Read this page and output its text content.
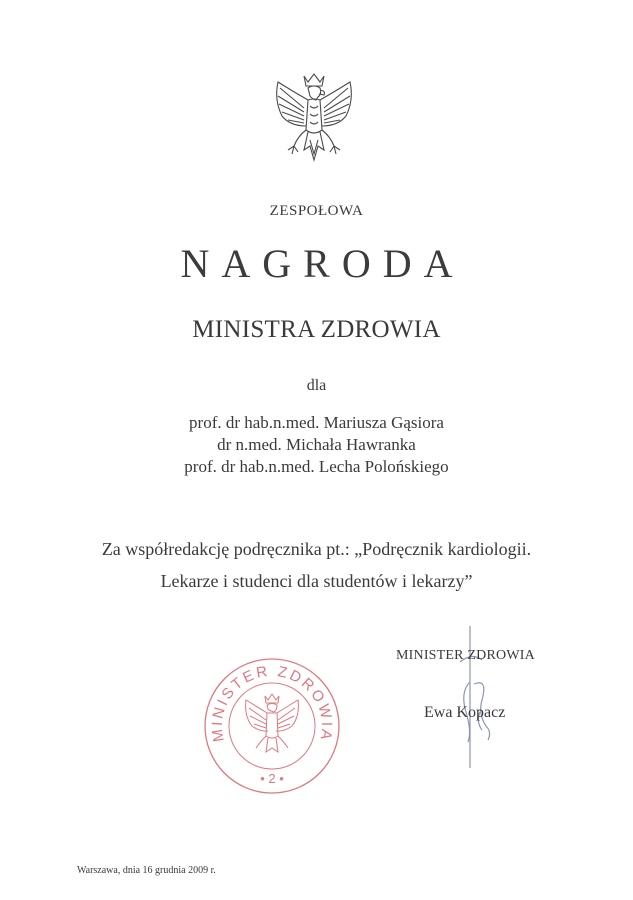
ZESPOŁOWA
NAGRODA
MINISTRA ZDROWIA
dla
prof. dr hab.n.med. Mariusza Gąsiora
dr n.med. Michała Hawranka
prof. dr hab.n.med. Lecha Polońskiego
Za współredakcję podręcznika pt.: „Podręcznik kardiologii.
Lekarze i studenci dla studentów i lekarzy”
MINISTER ZDROWIA
Ewa Kopacz
MINISTER ZDROWIA
• 2 •
Warszawa, dnia 16 grudnia 2009 r.
